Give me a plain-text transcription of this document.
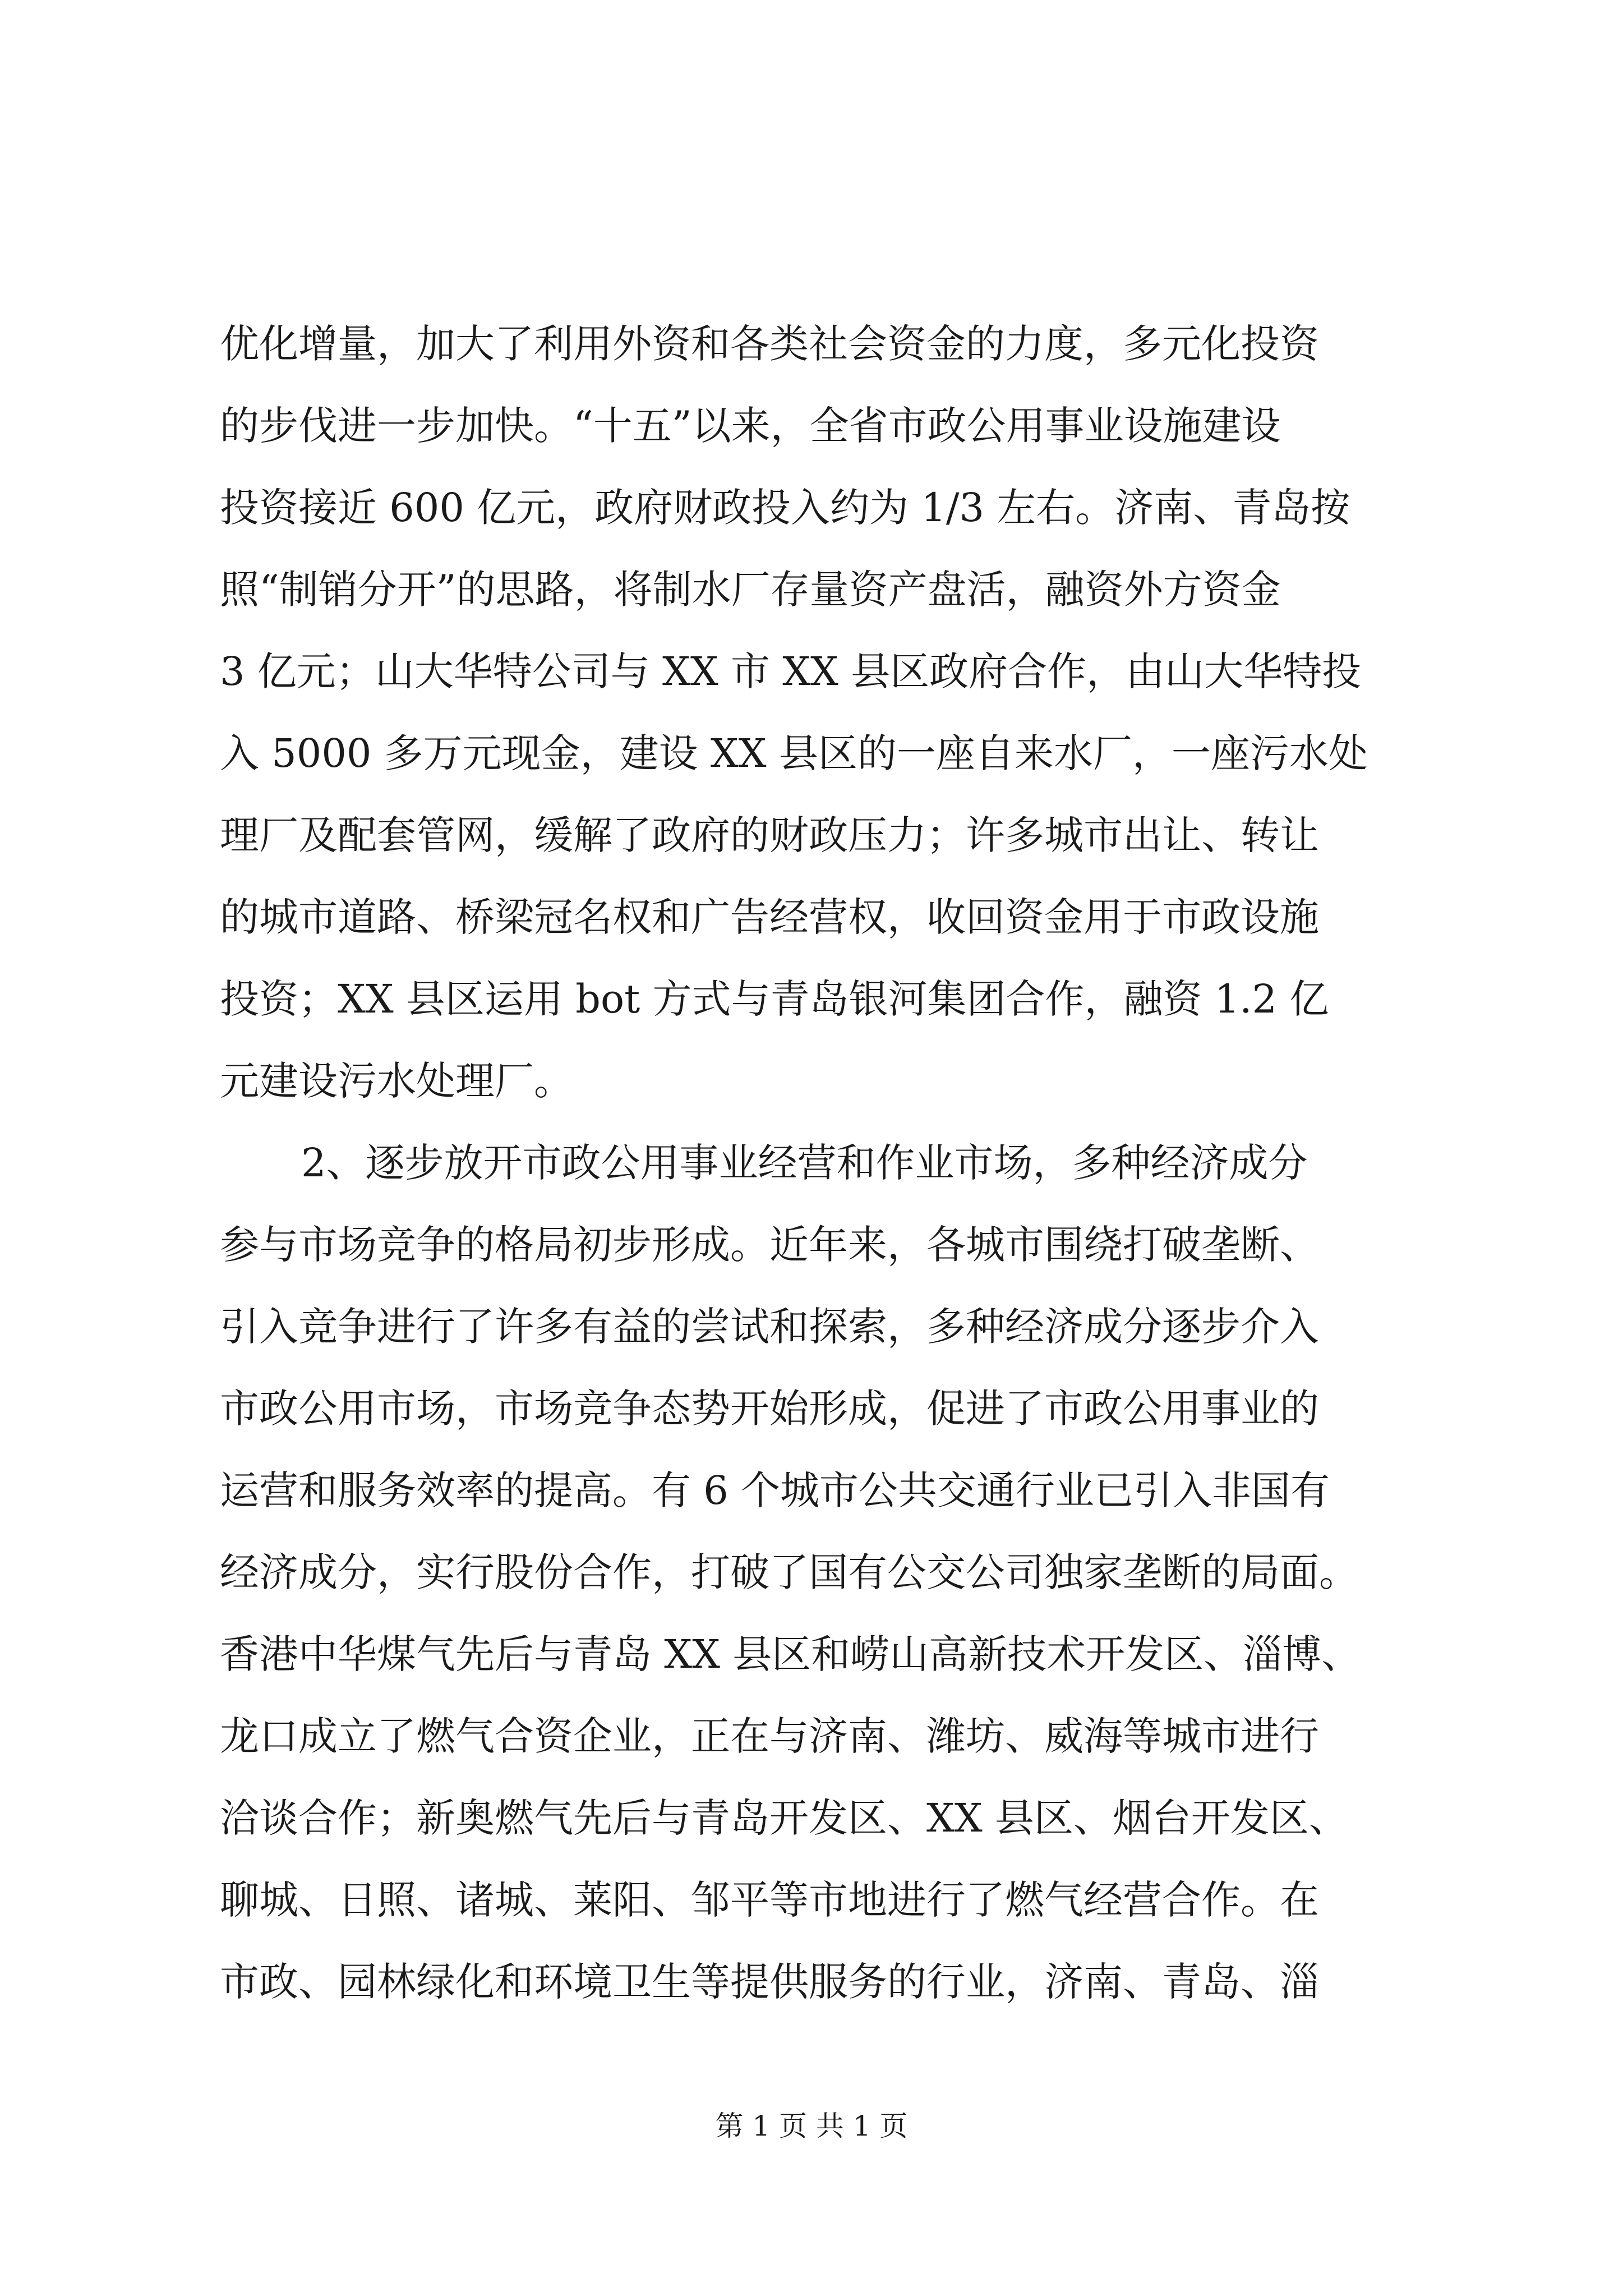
优化增量，加大了利用外资和各类社会资金的力度，多元化投资
的步伐进一步加快。“十五”以来，全省市政公用事业设施建设
投资接近 600 亿元，政府财政投入约为 1/3 左右。济南、青岛按
照“制销分开”的思路，将制水厂存量资产盘活，融资外方资金
3 亿元；山大华特公司与 XX 市 XX 县区政府合作，由山大华特投
入 5000 多万元现金，建设 XX 县区的一座自来水厂，一座污水处
理厂及配套管网，缓解了政府的财政压力；许多城市出让、转让
的城市道路、桥梁冠名权和广告经营权，收回资金用于市政设施
投资；XX 县区运用 bot 方式与青岛银河集团合作，融资 1.2 亿
元建设污水处理厂。
2、逐步放开市政公用事业经营和作业市场，多种经济成分
参与市场竞争的格局初步形成。近年来，各城市围绕打破垄断、
引入竞争进行了许多有益的尝试和探索，多种经济成分逐步介入
市政公用市场，市场竞争态势开始形成，促进了市政公用事业的
运营和服务效率的提高。有 6 个城市公共交通行业已引入非国有
经济成分，实行股份合作，打破了国有公交公司独家垄断的局面。
香港中华煤气先后与青岛 XX 县区和崂山高新技术开发区、淄博、
龙口成立了燃气合资企业，正在与济南、潍坊、威海等城市进行
洽谈合作；新奥燃气先后与青岛开发区、XX 县区、烟台开发区、
聊城、日照、诸城、莱阳、邹平等市地进行了燃气经营合作。在
市政、园林绿化和环境卫生等提供服务的行业，济南、青岛、淄
第 1 页 共 1 页
